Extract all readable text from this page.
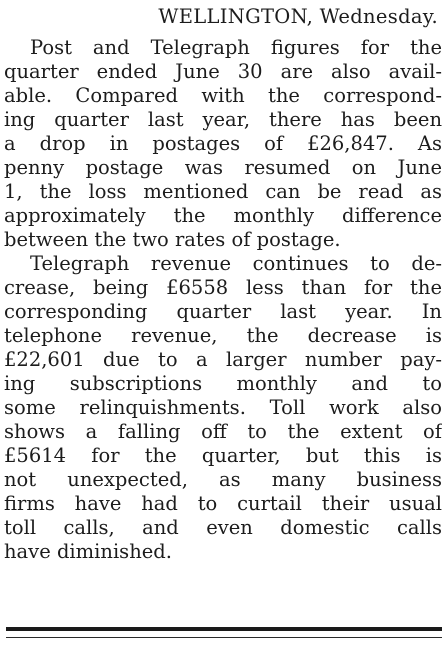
WELLINGTON, Wednesday.
Post and Telegraph figures for the
quarter ended June 30 are also avail-
able. Compared with the correspond-
ing quarter last year, there has been
a drop in postages of £26,847. As
penny postage was resumed on June
1, the loss mentioned can be read as
approximately the monthly difference
between the two rates of postage.
Telegraph revenue continues to de-
crease, being £6558 less than for the
corresponding quarter last year. In
telephone revenue, the decrease is
£22,601 due to a larger number pay-
ing subscriptions monthly and to
some relinquishments. Toll work also
shows a falling off to the extent of
£5614 for the quarter, but this is
not unexpected, as many business
firms have had to curtail their usual
toll calls, and even domestic calls
have diminished.
